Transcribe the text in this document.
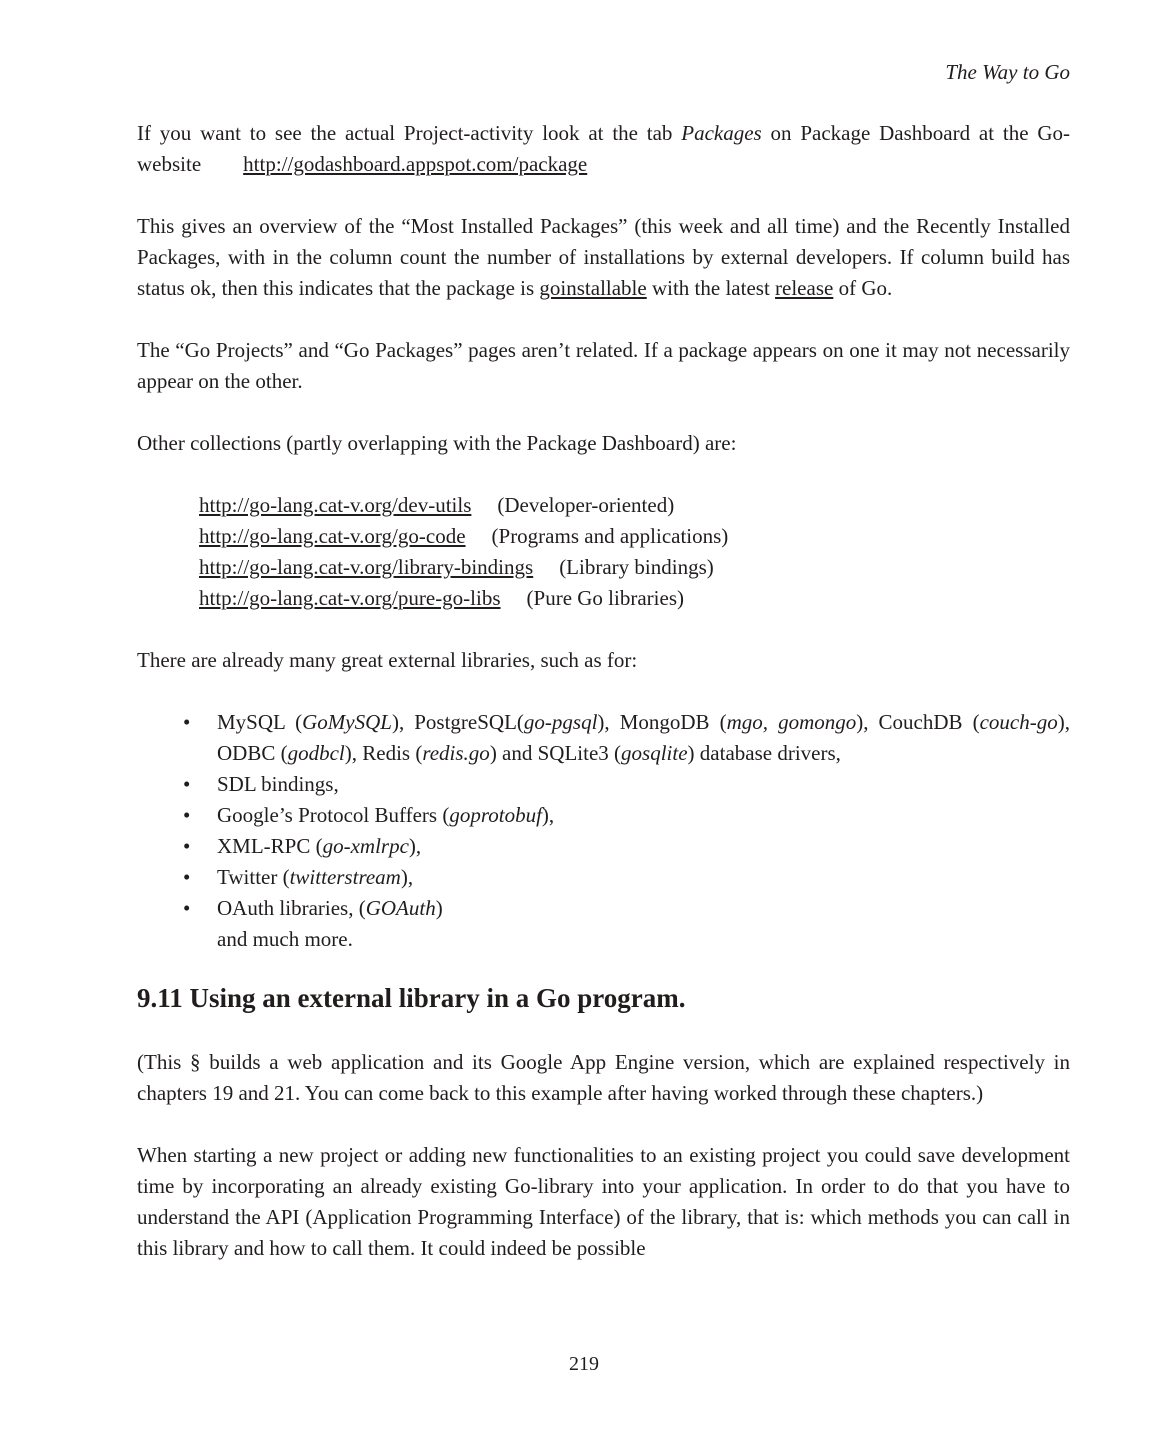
The Way to Go

If you want to see the actual Project-activity look at the tab Packages on Package Dashboard at the Go-website        http://godashboard.appspot.com/package

This gives an overview of the “Most Installed Packages” (this week and all time) and the Recently Installed Packages, with in the column count the number of installations by external developers. If column build has status ok, then this indicates that the package is goinstallable with the latest release of Go.

The “Go Projects” and “Go Packages” pages aren’t related. If a package appears on one it may not necessarily appear on the other.

Other collections (partly overlapping with the Package Dashboard) are:

http://go-lang.cat-v.org/dev-utils (Developer-oriented)
http://go-lang.cat-v.org/go-code (Programs and applications)
http://go-lang.cat-v.org/library-bindings (Library bindings)
http://go-lang.cat-v.org/pure-go-libs (Pure Go libraries)

There are already many great external libraries, such as for:

• MySQL (GoMySQL), PostgreSQL(go-pgsql), MongoDB (mgo, gomongo), CouchDB (couch-go), ODBC (godbcl), Redis (redis.go) and SQLite3 (gosqlite) database drivers,
• SDL bindings,
• Google’s Protocol Buffers (goprotobuf),
• XML-RPC (go-xmlrpc),
• Twitter (twitterstream),
• OAuth libraries, (GOAuth)
and much more.
9.11 Using an external library in a Go program.

(This § builds a web application and its Google App Engine version, which are explained respectively in chapters 19 and 21. You can come back to this example after having worked through these chapters.)

When starting a new project or adding new functionalities to an existing project you could save development time by incorporating an already existing Go-library into your application. In order to do that you have to understand the API (Application Programming Interface) of the library, that is: which methods you can call in this library and how to call them. It could indeed be possible

219
